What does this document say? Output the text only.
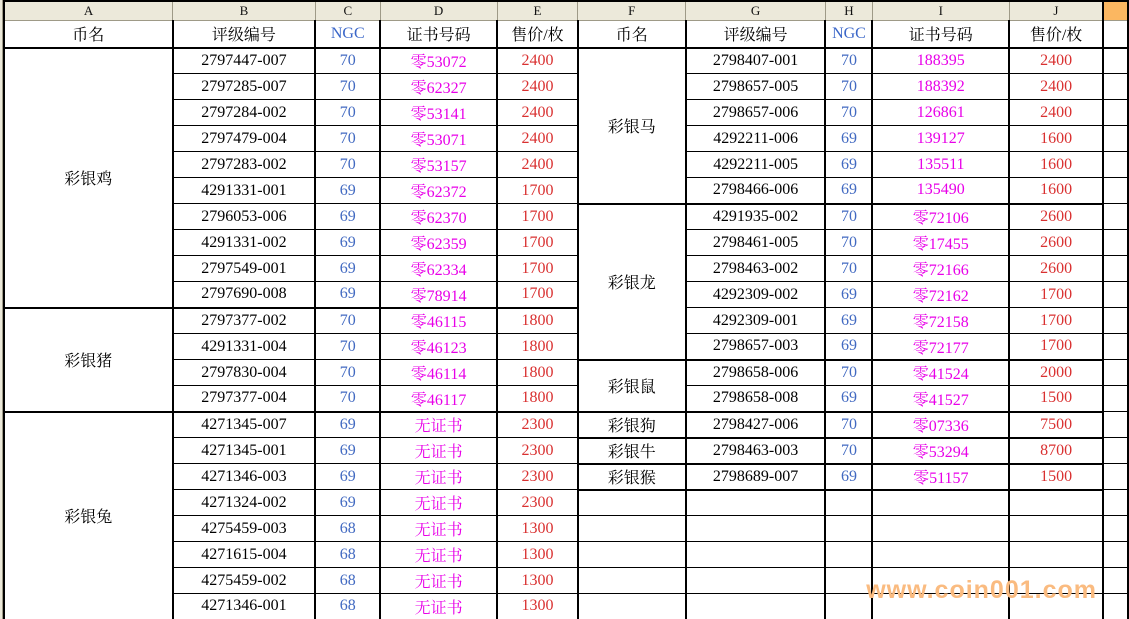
A	B	C	D	E	F	G	H	I	J	
币名	评级编号	NGC	证书号码	售价/枚	币名	评级编号	NGC	证书号码	售价/枚	
彩银鸡	2797447-007	70	零53072	2400	彩银马	2798407-001	70	188395	2400	
	2797285-007	70	零62327	2400		2798657-005	70	188392	2400	
	2797284-002	70	零53141	2400		2798657-006	70	126861	2400	
	2797479-004	70	零53071	2400		4292211-006	69	139127	1600	
	2797283-002	70	零53157	2400		4292211-005	69	135511	1600	
	4291331-001	69	零62372	1700		2798466-006	69	135490	1600	
	2796053-006	69	零62370	1700	彩银龙	4291935-002	70	零72106	2600	
	4291331-002	69	零62359	1700		2798461-005	70	零17455	2600	
	2797549-001	69	零62334	1700		2798463-002	70	零72166	2600	
	2797690-008	69	零78914	1700		4292309-002	69	零72162	1700	
彩银猪	2797377-002	70	零46115	1800		4292309-001	69	零72158	1700	
	4291331-004	70	零46123	1800		2798657-003	69	零72177	1700	
	2797830-004	70	零46114	1800	彩银鼠	2798658-006	70	零41524	2000	
	2797377-004	70	零46117	1800		2798658-008	69	零41527	1500	
彩银兔	4271345-007	69	无证书	2300	彩银狗	2798427-006	70	零07336	7500	
	4271345-001	69	无证书	2300	彩银牛	2798463-003	70	零53294	8700	
	4271346-003	69	无证书	2300	彩银猴	2798689-007	69	零51157	1500	
	4271324-002	69	无证书	2300						
	4275459-003	68	无证书	1300						
	4271615-004	68	无证书	1300						
	4275459-002	68	无证书	1300						
	4271346-001	68	无证书	1300						
www.coin001.com
